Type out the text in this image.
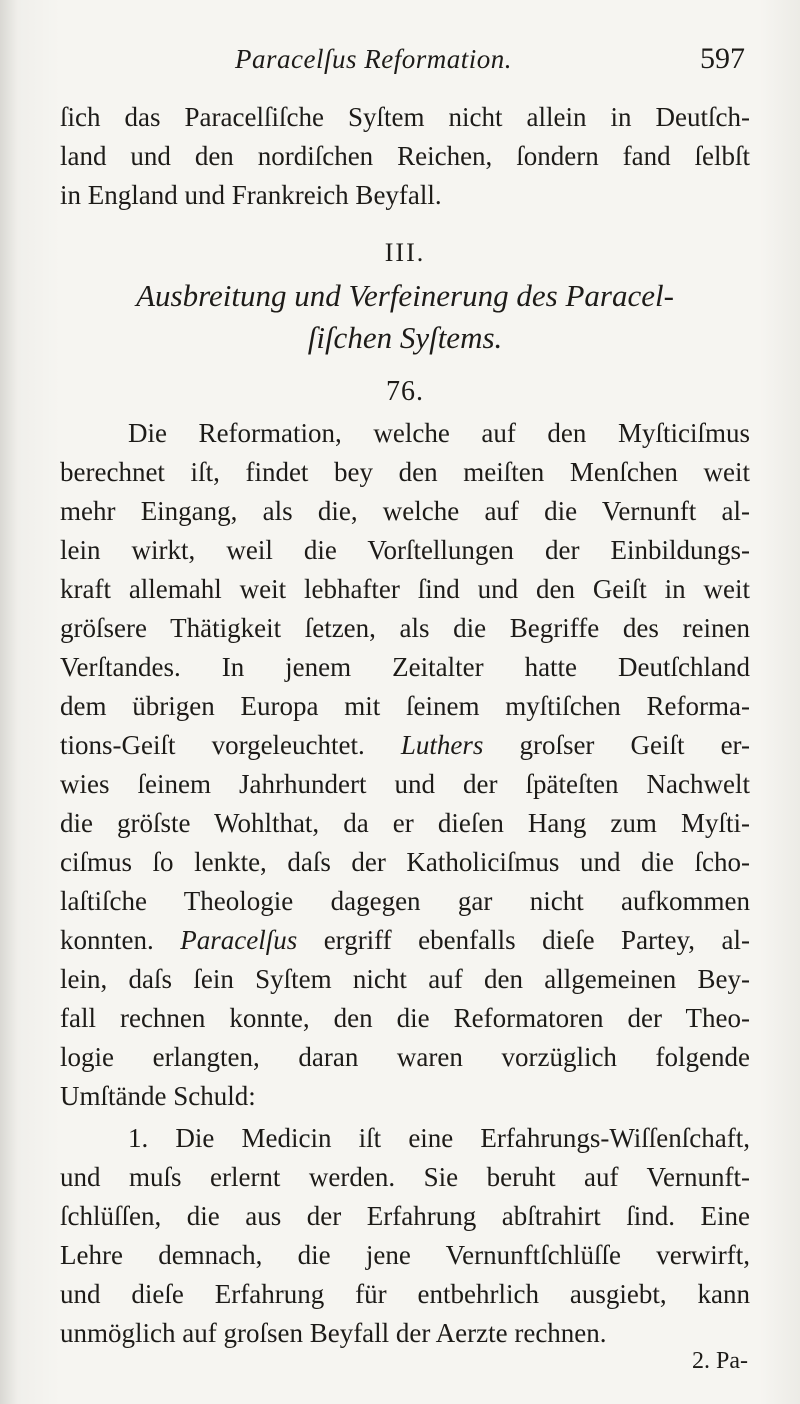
Paracelſus Reformation.	597
ſich das Paracelſiſche Syſtem nicht allein in Deutſch-
land und den nordiſchen Reichen, ſondern fand ſelbſt
in England und Frankreich Beyfall.
III.
Ausbreitung und Verfeinerung des Paracel-
ſiſchen Syſtems.
76.
Die Reformation, welche auf den Myſticiſmus
berechnet iſt, findet bey den meiſten Menſchen weit
mehr Eingang, als die, welche auf die Vernunft al-
lein wirkt, weil die Vorſtellungen der Einbildungs-
kraft allemahl weit lebhafter ſind und den Geiſt in weit
gröſsere Thätigkeit ſetzen, als die Begriffe des reinen
Verſtandes. In jenem Zeitalter hatte Deutſchland
dem übrigen Europa mit ſeinem myſtiſchen Reforma-
tions-Geiſt vorgeleuchtet. Luthers groſser Geiſt er-
wies ſeinem Jahrhundert und der ſpäteſten Nachwelt
die gröſste Wohlthat, da er dieſen Hang zum Myſti-
ciſmus ſo lenkte, daſs der Katholiciſmus und die ſcho-
laſtiſche Theologie dagegen gar nicht aufkommen
konnten. Paracelſus ergriff ebenfalls dieſe Partey, al-
lein, daſs ſein Syſtem nicht auf den allgemeinen Bey-
fall rechnen konnte, den die Reformatoren der Theo-
logie erlangten, daran waren vorzüglich folgende
Umſtände Schuld:
1. Die Medicin iſt eine Erfahrungs-Wiſſenſchaft,
und muſs erlernt werden. Sie beruht auf Vernunft-
ſchlüſſen, die aus der Erfahrung abſtrahirt ſind. Eine
Lehre demnach, die jene Vernunftſchlüſſe verwirft,
und dieſe Erfahrung für entbehrlich ausgiebt, kann
unmöglich auf groſsen Beyfall der Aerzte rechnen.
2. Pa-
